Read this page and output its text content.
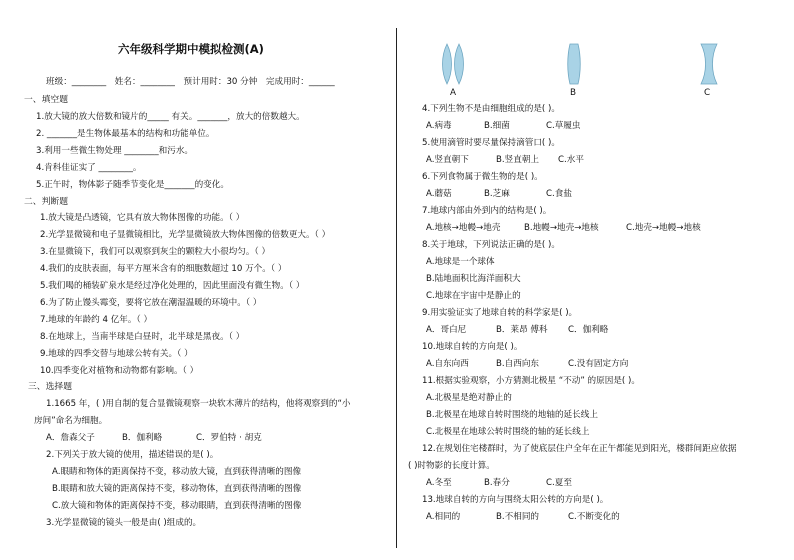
六年级科学期中模拟检测(A)
班级：________　姓名：________　预计用时：30 分钟　完成用时：______
一、填空题
1.放大镜的放大倍数和镜片的_____ 有关。_______，放大的倍数越大。
2. _______是生物体最基本的结构和功能单位。
3.利用一些微生物处理 ________和污水。
4.肯科佳证实了 ________。
5.正午时，物体影子随季节变化是_______的变化。
二、判断题
1.放大镜是凸透镜，它具有放大物体图像的功能。（ ）
2.光学显微镜和电子显微镜相比，光学显微镜放大物体图像的倍数更大。（ ）
3.在显微镜下，我们可以观察到灰尘的颗粒大小很均匀。（ ）
4.我们的皮肤表面，每平方厘米含有的细胞数超过 10 万个。（ ）
5.我们喝的桶装矿泉水是经过净化处理的，因此里面没有微生物。（ ）
6.为了防止馒头霉变，要将它放在潮湿温暖的环境中。（ ）
7.地球的年龄约 4 亿年。（ ）
8.在地球上，当南半球是白昼时，北半球是黑夜。（ ）
9.地球的四季交替与地球公转有关。（ ）
10.四季变化对植物和动物都有影响。（ ）
三、选择题
1.1665 年，( )用自制的复合显微镜观察一块软木薄片的结构，他将观察到的“小
房间”命名为细胞。
A．詹森父子	B．伽利略	C．罗伯特 · 胡克
2.下列关于放大镜的使用，描述错误的是( )。
A.眼睛和物体的距离保持不变，移动放大镜，直到获得清晰的图像
B.眼睛和放大镜的距离保持不变，移动物体，直到获得清晰的图像
C.放大镜和物体的距离保持不变，移动眼睛，直到获得清晰的图像
3.光学显微镜的镜头一般是由( )组成的。
A	B	C
4.下列生物不是由细胞组成的是( )。
A.病毒	B.细菌	C.草履虫
5.使用滴管时要尽量保持滴管口( )。
A.竖直朝下	B.竖直朝上 C.水平
6.下列食物属于微生物的是( )。
A.蘑菇	B.芝麻	C.食盐
7.地球内部由外到内的结构是( )。
A.地核→地幔→地壳	B.地幔→地壳→地核	C.地壳→地幔→地核
8.关于地球，下列说法正确的是( )。
A.地球是一个球体
B.陆地面积比海洋面积大
C.地球在宇宙中是静止的
9.用实验证实了地球自转的科学家是( )。
A．哥白尼	B．莱昂 傅科 C．伽利略
10.地球自转的方向是( )。
A.自东向西	B.自西向东	C.没有固定方向
11.根据实验观察，小方猜测北极星 “不动” 的原因是( )。
A.北极星是绝对静止的
B.北极星在地球自转时围绕的地轴的延长线上
C.北极星在地球公转时围绕的轴的延长线上
12.在规划住宅楼群时，为了使底层住户全年在正午都能见到阳光，楼群间距应依据
( )时物影的长度计算。
A.冬至	B.春分	C.夏至
13.地球自转的方向与围绕太阳公转的方向是( )。
A.相同的	B.不相同的	C.不断变化的
